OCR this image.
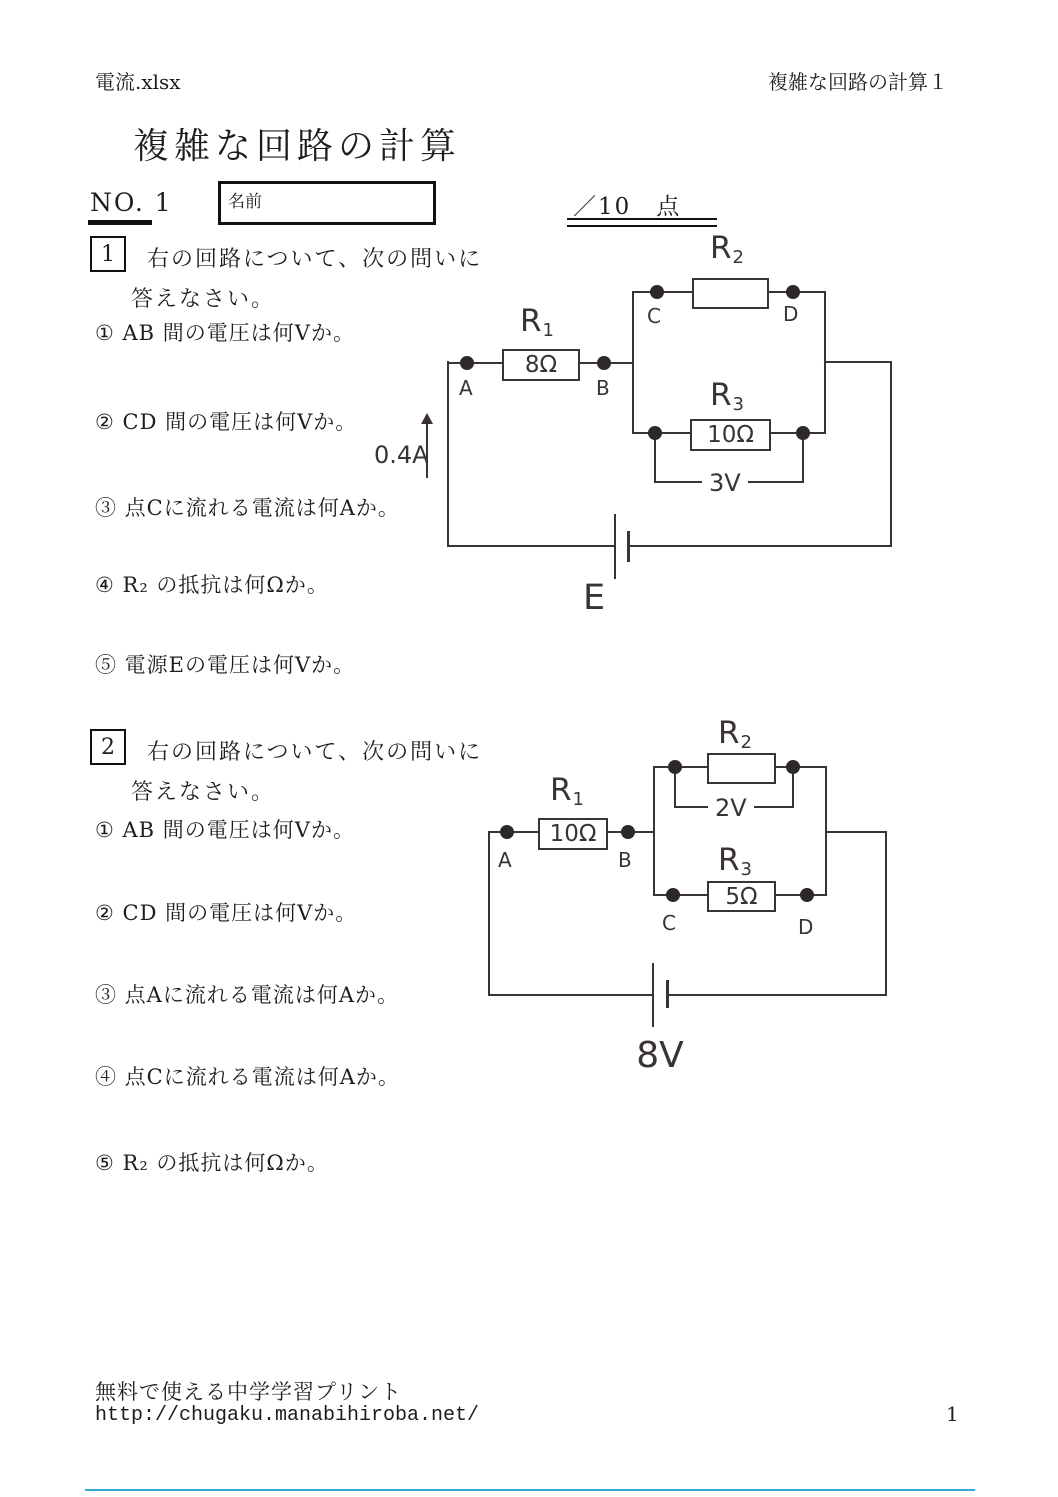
電流.xlsx	複雑な回路の計算１
複雑な回路の計算
NO. 1	名前	／10　点
1	右の回路について、次の問いに
答えなさい。
① AB 間の電圧は何Vか。
② CD 間の電圧は何Vか。
③ 点Cに流れる電流は何Aか。
④ R₂ の抵抗は何Ωか。
⑤ 電源Eの電圧は何Vか。
E
3V
0.4A
8Ω
10Ω
R1
R2
R3
A	B
C	D
2	右の回路について、次の問いに
答えなさい。
① AB 間の電圧は何Vか。
② CD 間の電圧は何Vか。
③ 点Aに流れる電流は何Aか。
④ 点Cに流れる電流は何Aか。
⑤ R₂ の抵抗は何Ωか。
8V
2V
10Ω
5Ω
R1
R2
R3
A	B
C	D
無料で使える中学学習プリント
http://chugaku.manabihiroba.net/	1
